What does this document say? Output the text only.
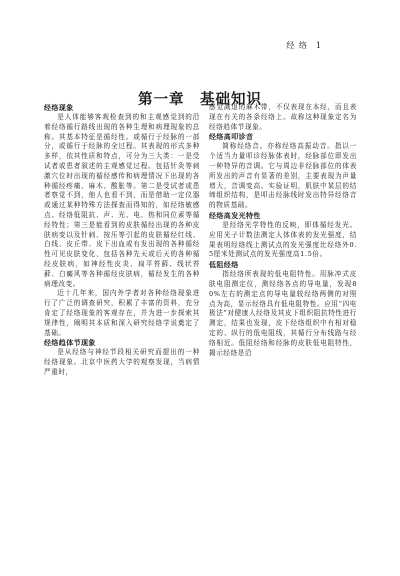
经 络 1
第一章　基础知识
经络现象

是人体能够客观检查到的和主观感觉到的沿着经络循行路线出现的各种生理和病理现象的总称。其基本特征是循经性。或循行于经脉的一部分，或循行于经脉的全过程。其表现的形式多种多样，依其性质和特点，可分为三大类：一是受试者或患者叙述的主观感觉过程。包括针灸等刺激穴位时出现的循经感传和病理情况下出现的各种循经疼痛、麻木、酸胀等。第二是受试者或患者察觉不到，他人也看不到，而是借助一定仪器或通过某种特殊方法探查而得知的，如经络敏感点、经络低阻抗、声、光、电、热和同位素等循经特性；第三是能看到的皮肤循经出现的各种皮肤病变以及针刺、按压等引起的皮肤循经红线、白线、皮丘带、皮下出血或有发出现的各种循经性可见皮肤变化，包括各种先天或后天的各种循经皮肤病，如神经性皮炎、扁平苔藓、线状苔藓、白癜风等各种循经皮肤病，循经发生的各种病理改变。

近十几年来，国内外学者对各种经络现象进行了广泛的调查研究，积累了丰富的资料，充分肯定了经络现象的客观存在，并为进一步探索其规律性，阐明其本质和深入研究经络学说奠定了基础。

经络趋体节现象

是从经络与神经节段相关研究而提出的一种经络现象。北京中医药大学的观察发现，当病情严重时，

感觉减退的麻木带，不仅表现在本经，而且表现在有关的各条经络上。故称这种现象定名为经络趋体节现象。

经络高叩诊音

简称经络音。亦称经络高振动音。指以一个适当力量叩诊经脉体表时，经脉部位即发出一种特异的音调。它与周边非经脉部位的体表所发出的声音有显著的差别，主要表现为声量增大，音调变高。实验证明，肌肤中某层的结缔组织结构，是叩击经脉线时发出特异经络音的物质基础。

经络高发光特性

是经络光学特性的反映，即体循经发光。应用光子计数法测定人体体表的发光强度，结果表明经络线上测试点的发光强度比经络外0.5厘米处测试点的发光强度高1.5倍。

低阻经络

指经络所表现的低电阻特性。用脉冲式皮肤电阻测定仪，测经络各点的导电量，发现80%左右的测定点的导电量较经络两侧的对照点为高，显示经络具有低电阻特性。应用“四电极法”对健康人经络及其皮下组织阻抗特性进行测定，结果也发现，皮下经络组织中有相对稳定的、纵行的低电阻线，其循行分布线路与经络相近。低阻经络和经脉的皮肤低电阻特性，揭示经络是沿
